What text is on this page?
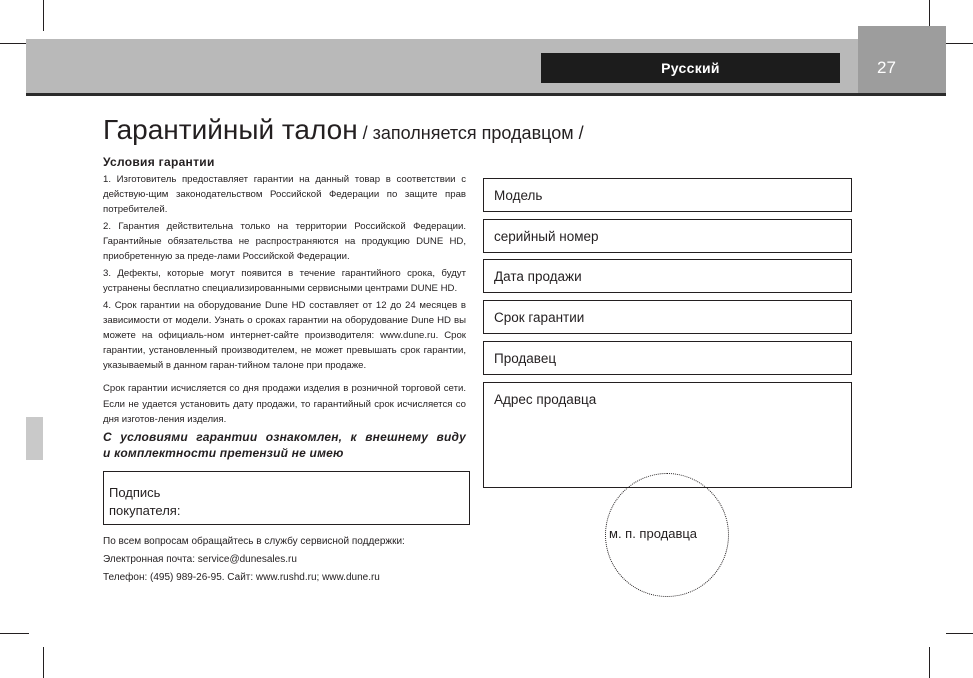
Русский	27
Гарантийный талон / заполняется продавцом /
Условия гарантии

1. Изготовитель предоставляет гарантии на данный товар в соответствии с действую-щим законодательством Российской Федерации по защите прав потребителей.

2. Гарантия действительна только на территории Российской Федерации. Гарантийные обязательства не распространяются на продукцию DUNE HD, приобретенную за преде-лами Российской Федерации.

3. Дефекты, которые могут появится в течение гарантийного срока, будут устранены бесплатно специализированными сервисными центрами DUNE HD.

4. Срок гарантии на оборудование Dune HD составляет от 12 до 24 месяцев в зависимости от модели. Узнать о сроках гарантии на оборудование Dune HD вы можете на официаль-ном интернет-сайте производителя: www.dune.ru. Срок гарантии, установленный производителем, не может превышать срок гарантии, указываемый в данном гаран-тийном талоне при продаже.

Срок гарантии исчисляется со дня продажи изделия в розничной торговой сети. Если не удается установить дату продажи, то гарантийный срок исчисляется со дня изготов-ления изделия.
С условиями гарантии ознакомлен, к внешнему виду
и комплектности претензий не имею
Подпись
покупателя:
По всем вопросам обращайтесь в службу сервисной поддержки:
Электронная почта: service@dunesales.ru
Телефон: (495) 989-26-95. Сайт: www.rushd.ru; www.dune.ru
Модель
серийный номер
Дата продажи
Срок гарантии
Продавец
Адрес продавца
м. п. продавца
